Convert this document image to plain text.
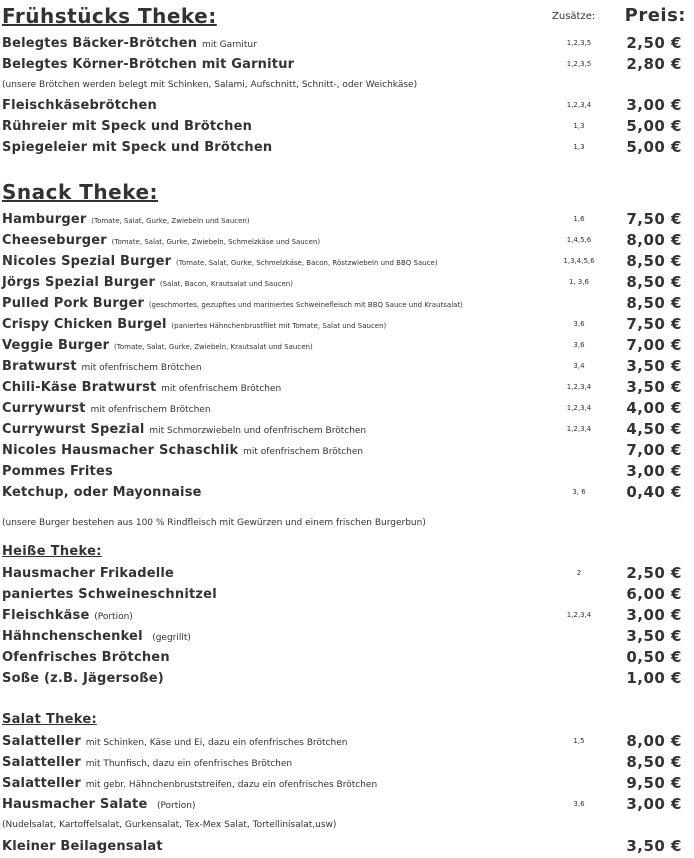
Frühstücks Theke:	Zusätze: Preis:
Belegtes Bäcker-Brötchen mit Garnitur	1,2,3,5	2,50 €
Belegtes Körner-Brötchen mit Garnitur	1,2,3,5	2,80 €
(unsere Brötchen werden belegt mit Schinken, Salami, Aufschnitt, Schnitt-, oder Weichkäse)
Fleischkäsebrötchen	1,2,3,4	3,00 €
Rühreier mit Speck und Brötchen	1,3	5,00 €
Spiegeleier mit Speck und Brötchen	1,3	5,00 €
Snack Theke:
Hamburger (Tomate, Salat, Gurke, Zwiebeln und Saucen)	1,6	7,50 €
Cheeseburger (Tomate, Salat, Gurke, Zwiebeln, Schmelzkäse und Saucen)	1,4,5,6	8,00 €
Nicoles Spezial Burger (Tomate, Salat, Gurke, Schmelzkäse, Bacon, Röstzwiebeln und BBQ Sauce)	1,3,4,5,6	8,50 €
Jörgs Spezial Burger (Salat, Bacon, Krautsalat und Saucen)	1, 3,6	8,50 €
Pulled Pork Burger (geschmortes, gezupftes und mariniertes Schweinefleisch mit BBQ Sauce und Krautsalat)	8,50 €
Crispy Chicken Burgel (paniertes Hähnchenbrustfilet mit Tomate, Salat und Saucen)	3,6	7,50 €
Veggie Burger (Tomate, Salat, Gurke, Zwiebeln, Krautsalat und Saucen)	3,6	7,00 €
Bratwurst mit ofenfrischem Brötchen	3,4	3,50 €
Chili-Käse Bratwurst mit ofenfrischem Brötchen	1,2,3,4	3,50 €
Currywurst mit ofenfrischem Brötchen	1,2,3,4	4,00 €
Currywurst Spezial mit Schmorzwiebeln und ofenfrischem Brötchen	1,2,3,4	4,50 €
Nicoles Hausmacher Schaschlik mit ofenfrischem Brötchen	7,00 €
Pommes Frites	3,00 €
Ketchup, oder Mayonnaise	3, 6	0,40 €
(unsere Burger bestehen aus 100 % Rindfleisch mit Gewürzen und einem frischen Burgerbun)
Heiße Theke:
Hausmacher Frikadelle	2	2,50 €
paniertes Schweineschnitzel	6,00 €
Fleischkäse (Portion)	1,2,3,4	3,00 €
Hähnchenschenkel (gegrillt)	3,50 €
Ofenfrisches Brötchen	0,50 €
Soße (z.B. Jägersoße)	1,00 €
Salat Theke:
Salatteller mit Schinken, Käse und Ei, dazu ein ofenfrisches Brötchen	1,5	8,00 €
Salatteller mit Thunfisch, dazu ein ofenfrisches Brötchen	8,50 €
Salatteller mit gebr. Hähnchenbruststreifen, dazu ein ofenfrisches Brötchen	9,50 €
Hausmacher Salate (Portion)	3,6	3,00 €
(Nudelsalat, Kartoffelsalat, Gurkensalat, Tex-Mex Salat, Tortellinisalat,usw)
Kleiner Beilagensalat	3,50 €
